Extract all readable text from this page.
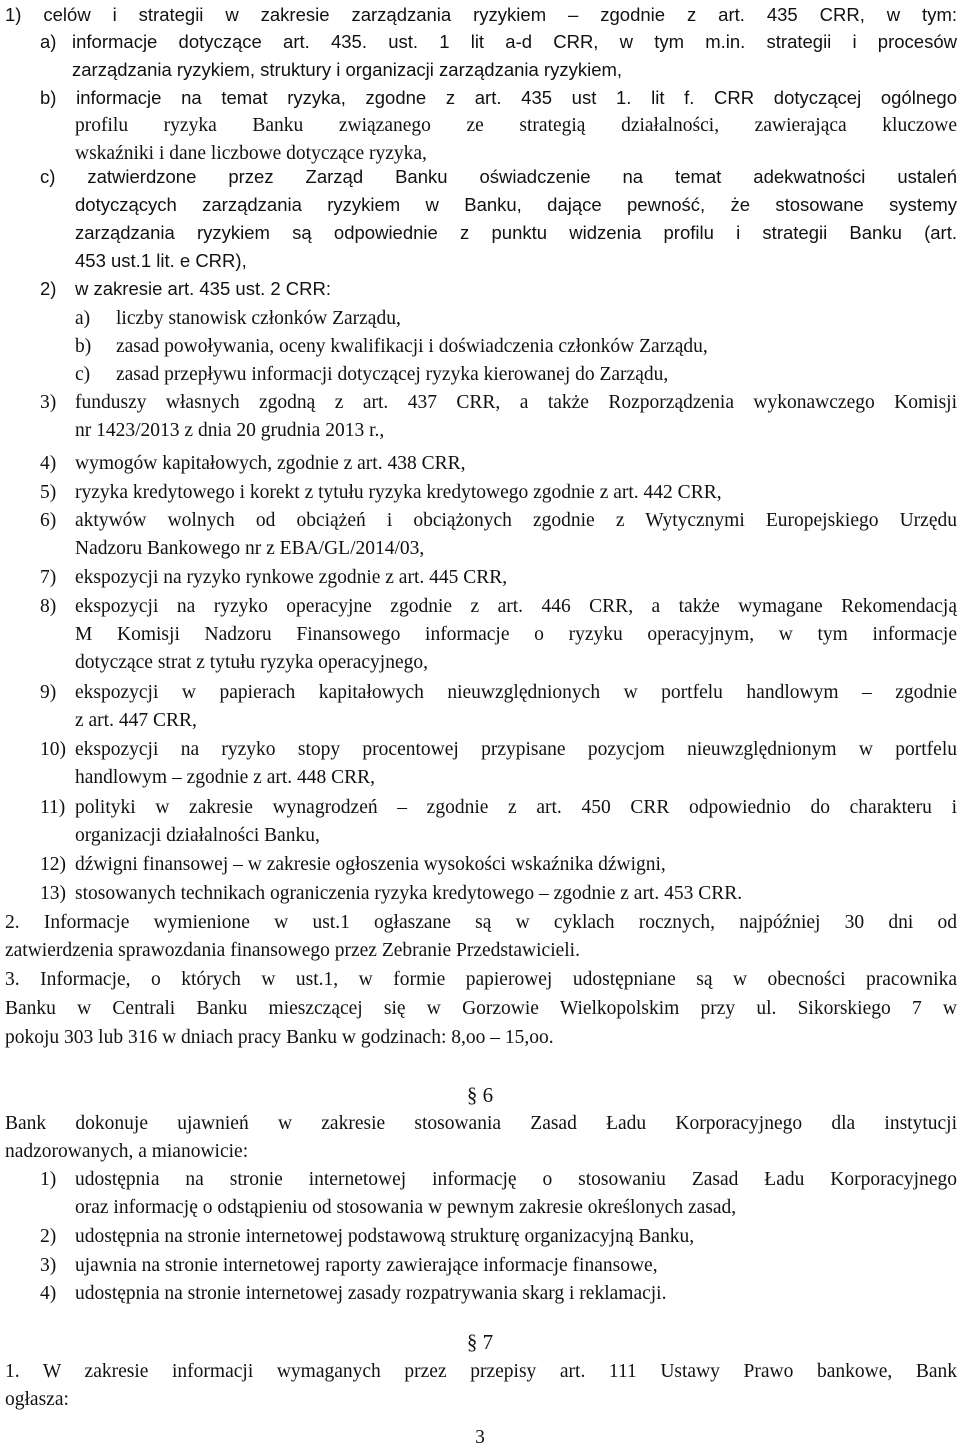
1) celów i strategii w zakresie zarządzania ryzykiem – zgodnie z art. 435 CRR, w tym:
a) informacje dotyczące art. 435. ust. 1 lit a-d CRR, w tym m.in. strategii i procesów
zarządzania ryzykiem, struktury i organizacji zarządzania ryzykiem,
b) informacje na temat ryzyka, zgodne z art. 435 ust 1. lit f. CRR dotyczącej ogólnego
profilu ryzyka Banku związanego ze strategią działalności, zawierająca kluczowe
wskaźniki i dane liczbowe dotyczące ryzyka,
c) zatwierdzone przez Zarząd Banku oświadczenie na temat adekwatności ustaleń
dotyczących zarządzania ryzykiem w Banku, dające pewność, że stosowane systemy
zarządzania ryzykiem są odpowiednie z punktu widzenia profilu i strategii Banku (art.
453 ust.1 lit. e CRR),
2)	w zakresie art. 435 ust. 2 CRR:
a)	liczby stanowisk członków Zarządu,
b)	zasad powoływania, oceny kwalifikacji i doświadczenia członków Zarządu,
c)	zasad przepływu informacji dotyczącej ryzyka kierowanej do Zarządu,
3) funduszy własnych zgodną z art. 437 CRR, a także Rozporządzenia wykonawczego Komisji
nr 1423/2013 z dnia 20 grudnia 2013 r.,
4) wymogów kapitałowych, zgodnie z art. 438 CRR,
5) ryzyka kredytowego i korekt z tytułu ryzyka kredytowego zgodnie z art. 442 CRR,
6) aktywów wolnych od obciążeń i obciążonych zgodnie z Wytycznymi Europejskiego Urzędu
Nadzoru Bankowego nr z EBA/GL/2014/03,
7) ekspozycji na ryzyko rynkowe zgodnie z art. 445 CRR,
8) ekspozycji na ryzyko operacyjne zgodnie z art. 446 CRR, a także wymagane Rekomendacją
M Komisji Nadzoru Finansowego informacje o ryzyku operacyjnym, w tym informacje
dotyczące strat z tytułu ryzyka operacyjnego,
9) ekspozycji w papierach kapitałowych nieuwzględnionych w portfelu handlowym – zgodnie
z art. 447 CRR,
10) ekspozycji na ryzyko stopy procentowej przypisane pozycjom nieuwzględnionym w portfelu
handlowym – zgodnie z art. 448 CRR,
11) polityki w zakresie wynagrodzeń – zgodnie z art. 450 CRR odpowiednio do charakteru i
organizacji działalności Banku,
12) dźwigni finansowej – w zakresie ogłoszenia wysokości wskaźnika dźwigni,
13) stosowanych technikach ograniczenia ryzyka kredytowego – zgodnie z art. 453 CRR.
2. Informacje wymienione w ust.1 ogłaszane są w cyklach rocznych, najpóźniej 30 dni od
zatwierdzenia sprawozdania finansowego przez Zebranie Przedstawicieli.
3. Informacje, o których w ust.1, w formie papierowej udostępniane są w obecności pracownika
Banku w Centrali Banku mieszczącej się w Gorzowie Wielkopolskim przy ul. Sikorskiego 7 w
pokoju 303 lub 316 w dniach pracy Banku w godzinach: 8,oo – 15,oo.
§ 6
Bank dokonuje ujawnień w zakresie stosowania Zasad Ładu Korporacyjnego dla instytucji
nadzorowanych, a mianowicie:
1) udostępnia na stronie internetowej informację o stosowaniu Zasad Ładu Korporacyjnego
oraz informację o odstąpieniu od stosowania w pewnym zakresie określonych zasad,
2) udostępnia na stronie internetowej podstawową strukturę organizacyjną Banku,
3) ujawnia na stronie internetowej raporty zawierające informacje finansowe,
4) udostępnia na stronie internetowej zasady rozpatrywania skarg i reklamacji.
§ 7
1. W zakresie informacji wymaganych przez przepisy art. 111 Ustawy Prawo bankowe, Bank
ogłasza:
3
